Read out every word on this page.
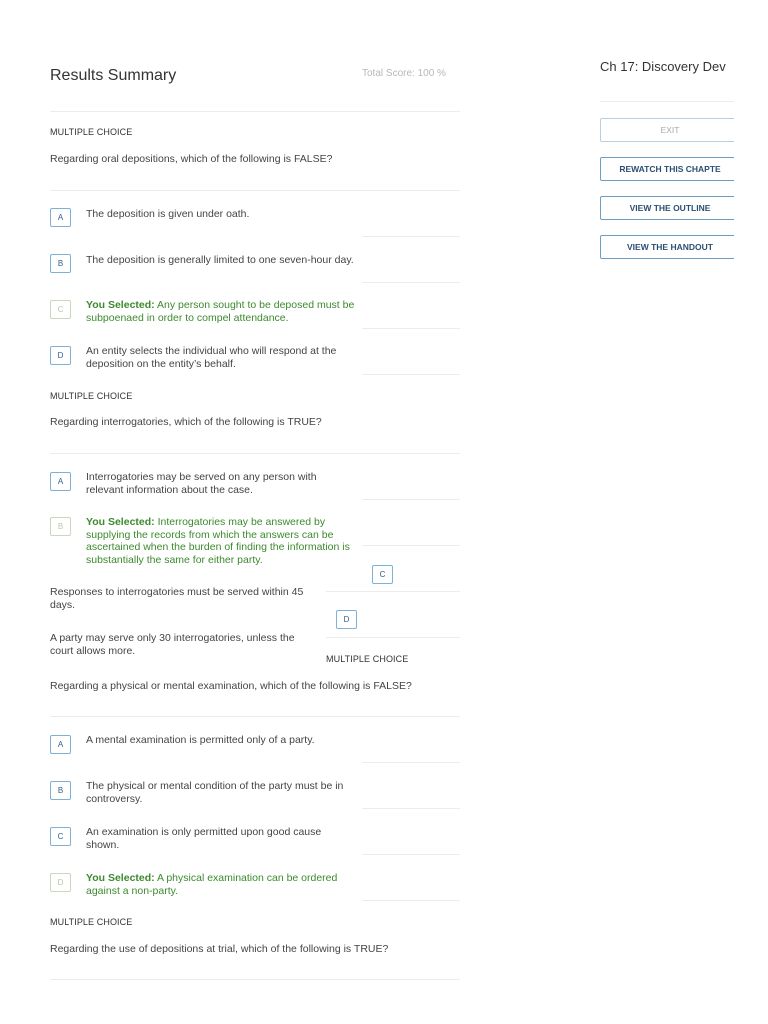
Results Summary	Total Score: 100 %
MULTIPLE CHOICE
Regarding oral depositions, which of the following is FALSE?
A	The deposition is given under oath.
B	The deposition is generally limited to one seven-hour day.
C	You Selected: Any person sought to be deposed must be subpoenaed in order to compel attendance.
D	An entity selects the individual who will respond at the deposition on the entity’s behalf.
MULTIPLE CHOICE
Regarding interrogatories, which of the following is TRUE?
A	Interrogatories may be served on any person with relevant information about the case.
B	You Selected: Interrogatories may be answered by supplying the records from which the answers can be ascertained when the burden of finding the information is substantially the same for either party.
C
Responses to interrogatories must be served within 45 days.
D
A party may serve only 30 interrogatories, unless the court allows more.
MULTIPLE CHOICE
Regarding a physical or mental examination, which of the following is FALSE?
A	A mental examination is permitted only of a party.
B	The physical or mental condition of the party must be in controversy.
C	An examination is only permitted upon good cause shown.
D	You Selected: A physical examination can be ordered against a non-party.
MULTIPLE CHOICE
Regarding the use of depositions at trial, which of the following is TRUE?
Ch 17: Discovery Dev
EXIT
REWATCH THIS CHAPTE
VIEW THE OUTLINE
VIEW THE HANDOUT
